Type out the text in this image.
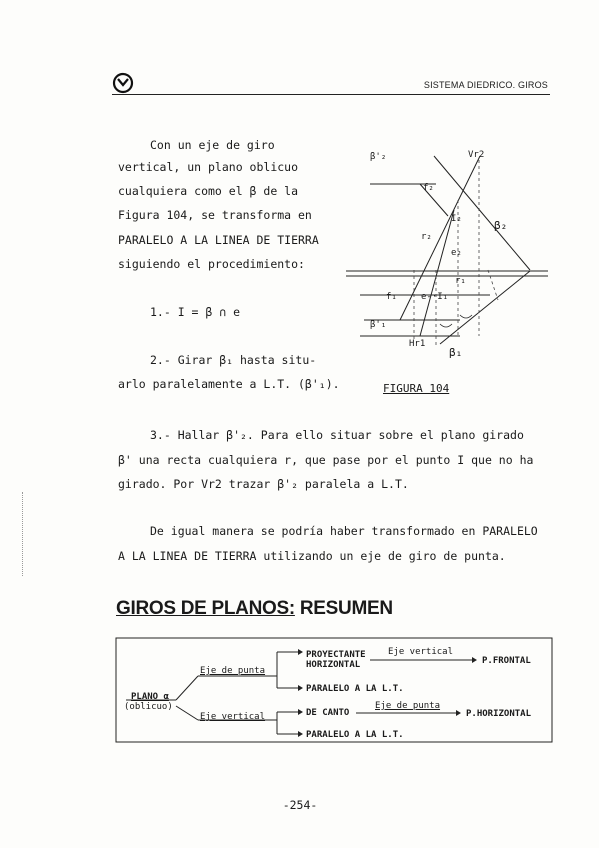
SISTEMA DIEDRICO. GIROS
Con un eje de giro
vertical, un plano oblicuo
cualquiera como el β de la
Figura 104, se transforma en
PARALELO A LA LINEA DE TIERRA
siguiendo el procedimiento:
1.- I = β ∩ e
2.- Girar β₁ hasta situ-
arlo paralelamente a L.T. (β'₁).
β'₂	Vr2
f₂
I₂	β₂
r₂
e₂
r₁
f₁	e-·I₁
β'₁
Hr1
β₁
FIGURA 104
3.- Hallar β'₂. Para ello situar sobre el plano girado
β' una recta cualquiera r, que pase por el punto I que no ha
girado. Por Vr2 trazar β'₂ paralela a L.T.
De igual manera se podría haber transformado en PARALELO
A LA LINEA DE TIERRA utilizando un eje de giro de punta.
GIROS DE PLANOS: RESUMEN
PLANO α
(oblicuo)
Eje de punta
Eje vertical
PROYECTANTE
HORIZONTAL
Eje vertical
P.FRONTAL
PARALELO A LA L.T.
DE CANTO
Eje de punta
P.HORIZONTAL
PARALELO A LA L.T.
-254-
